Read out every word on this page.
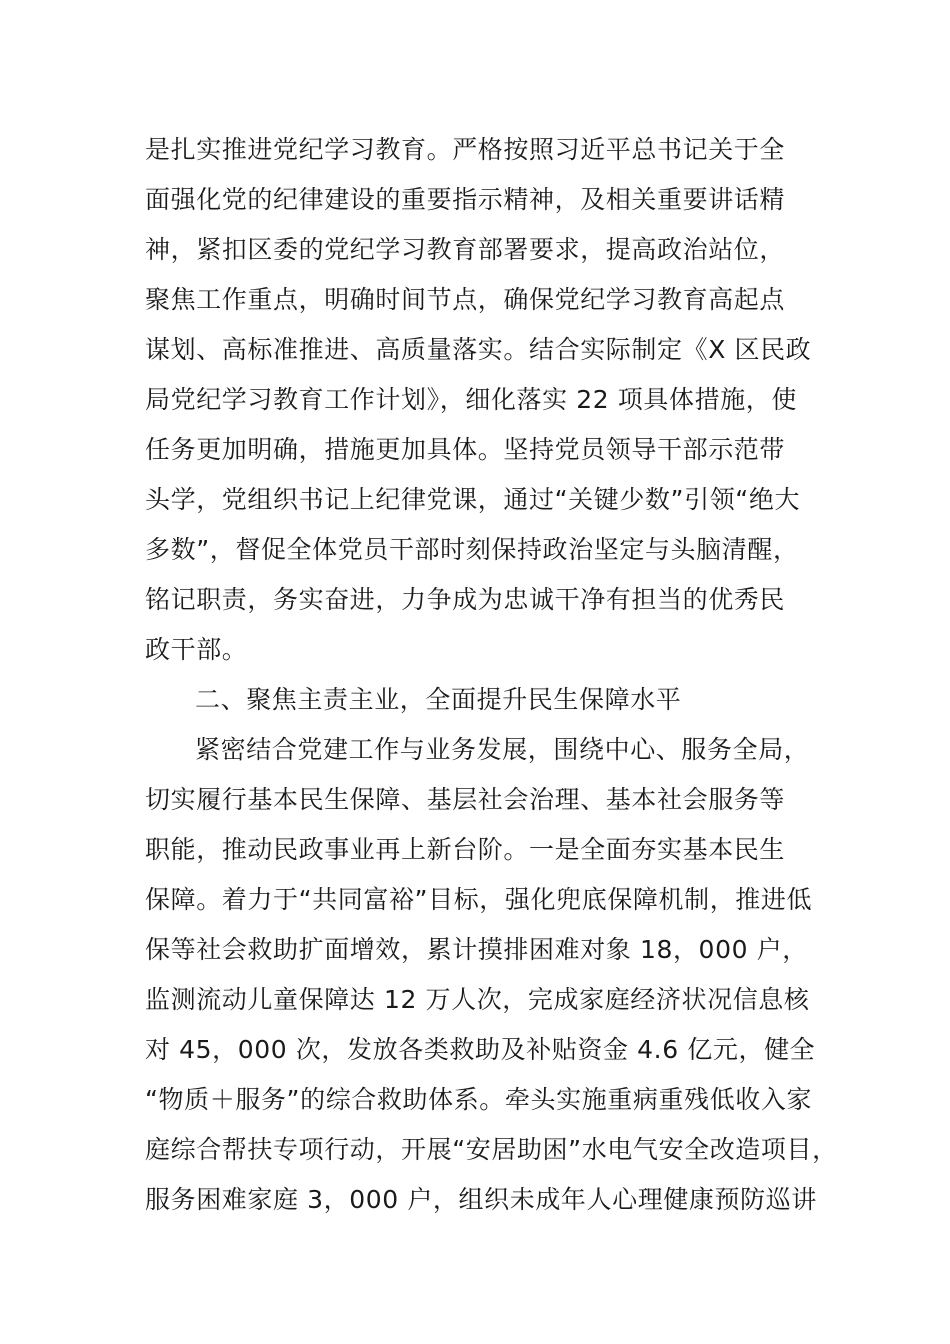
是扎实推进党纪学习教育。严格按照习近平总书记关于全
面强化党的纪律建设的重要指示精神，及相关重要讲话精
神，紧扣区委的党纪学习教育部署要求，提高政治站位，
聚焦工作重点，明确时间节点，确保党纪学习教育高起点
谋划、高标准推进、高质量落实。结合实际制定《X 区民政
局党纪学习教育工作计划》，细化落实 22 项具体措施，使
任务更加明确，措施更加具体。坚持党员领导干部示范带
头学，党组织书记上纪律党课，通过“关键少数”引领“绝大
多数”，督促全体党员干部时刻保持政治坚定与头脑清醒，
铭记职责，务实奋进，力争成为忠诚干净有担当的优秀民
政干部。
二、聚焦主责主业，全面提升民生保障水平
紧密结合党建工作与业务发展，围绕中心、服务全局，
切实履行基本民生保障、基层社会治理、基本社会服务等
职能，推动民政事业再上新台阶。一是全面夯实基本民生
保障。着力于“共同富裕”目标，强化兜底保障机制，推进低
保等社会救助扩面增效，累计摸排困难对象 18，000 户，
监测流动儿童保障达 12 万人次，完成家庭经济状况信息核
对 45，000 次，发放各类救助及补贴资金 4.6 亿元，健全
“物质＋服务”的综合救助体系。牵头实施重病重残低收入家
庭综合帮扶专项行动，开展“安居助困”水电气安全改造项目，
服务困难家庭 3，000 户，组织未成年人心理健康预防巡讲
